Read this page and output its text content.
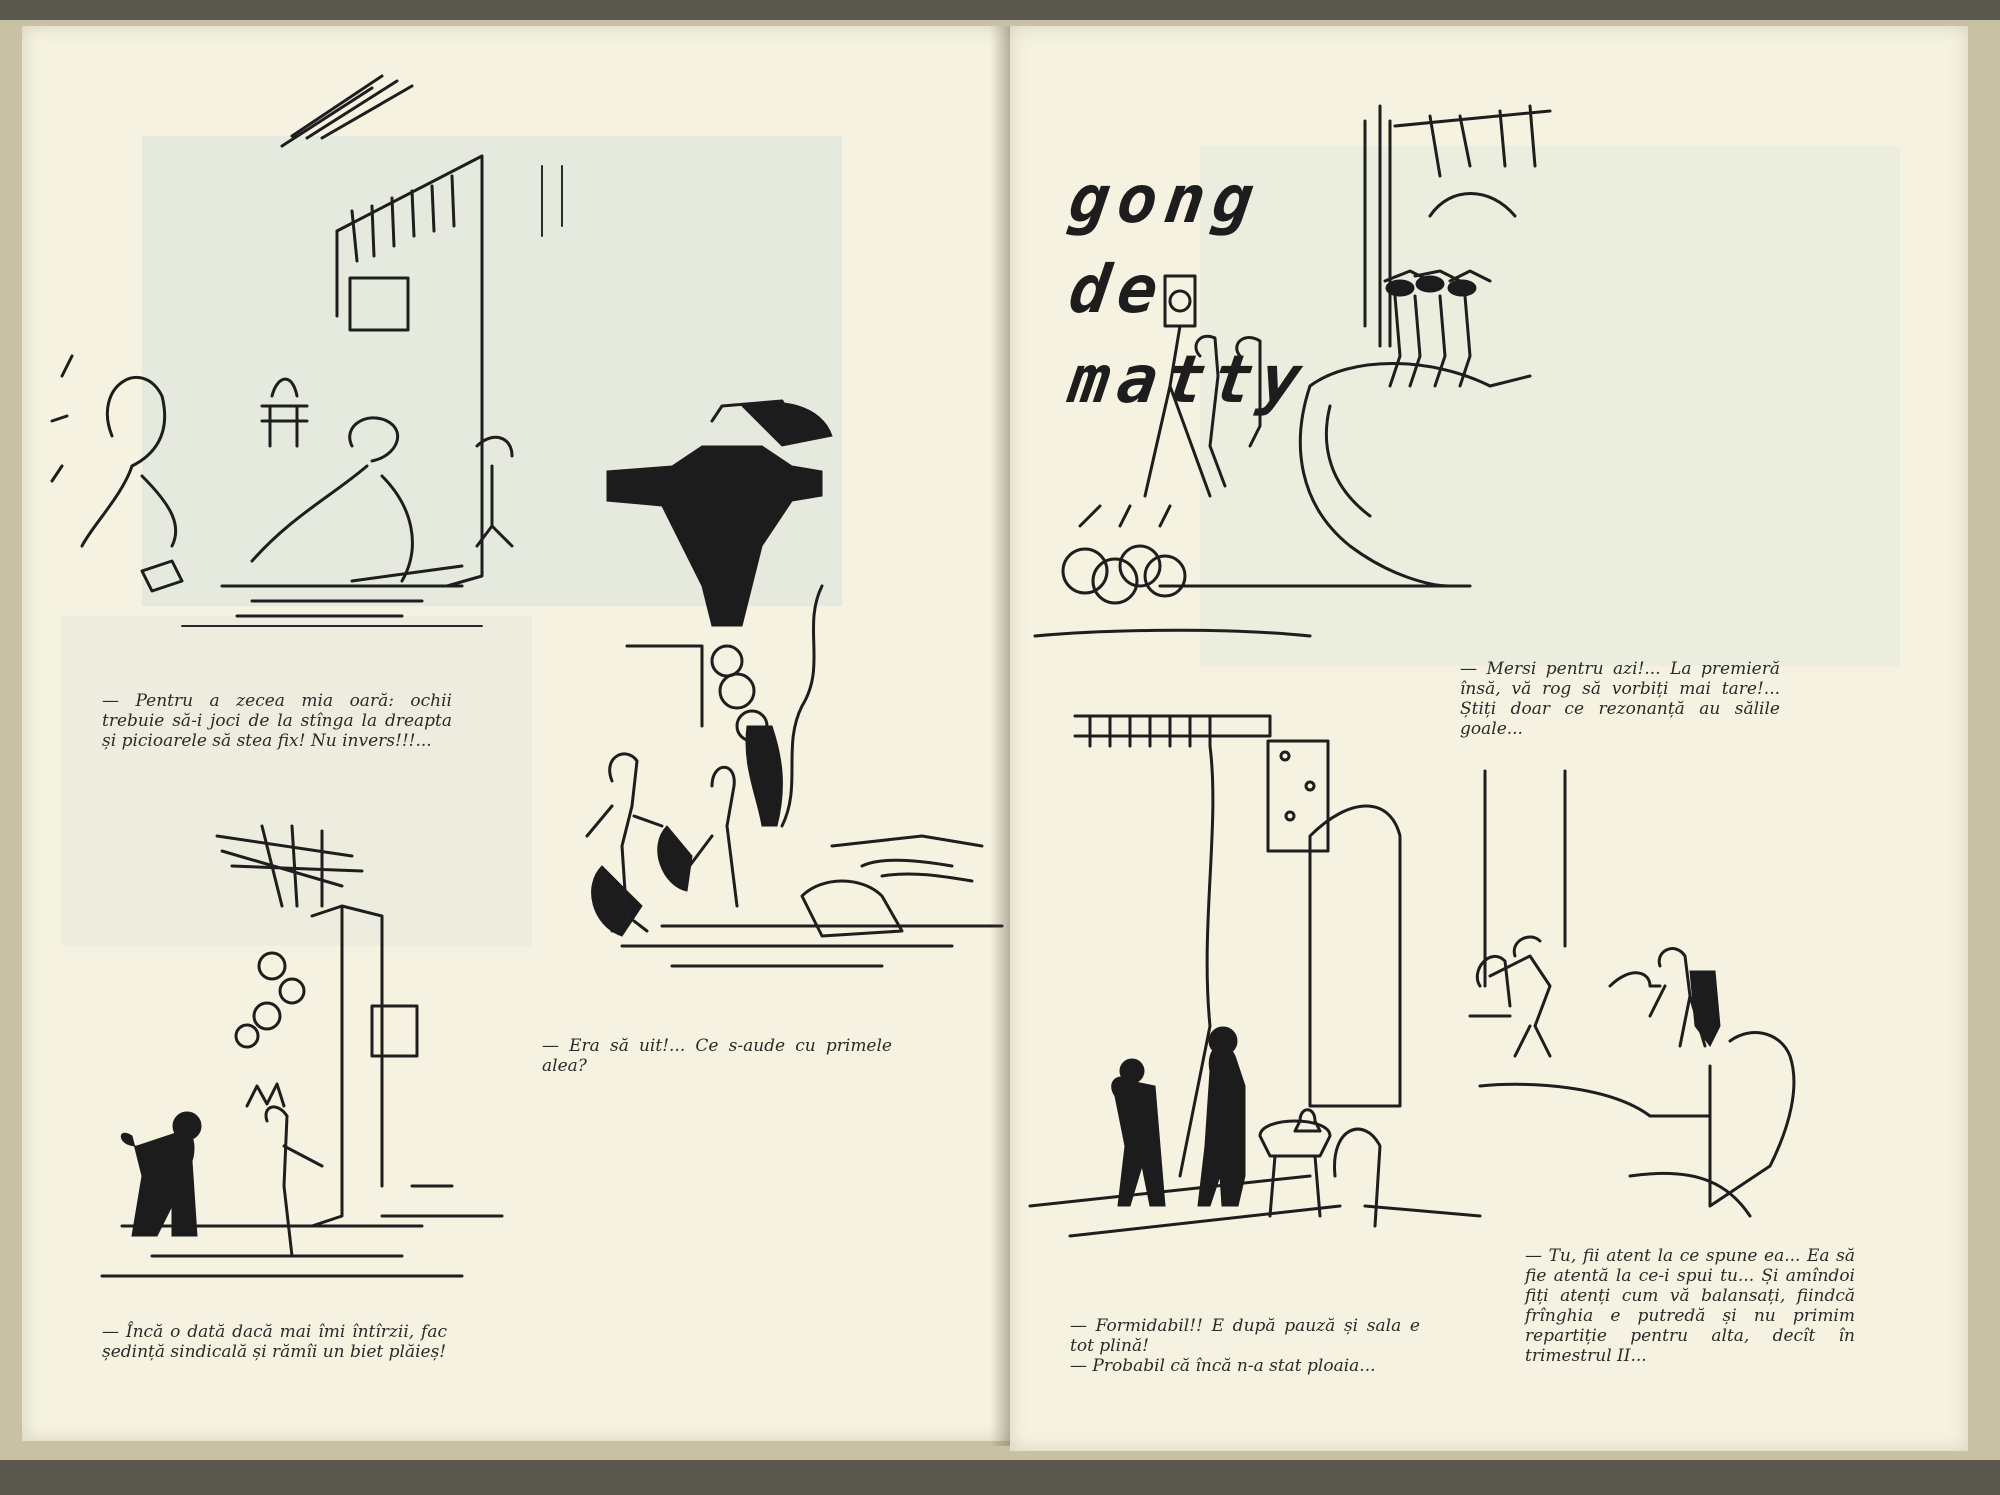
— Pentru a zecea mia oară: ochii trebuie să-i joci de la stînga la dreapta și picioarele să stea fix! Nu invers!!!...

— Era să uit!... Ce s-aude cu primele alea?

— Încă o dată dacă mai îmi întîrzii, fac ședință sindicală și rămîi un biet plăieș!

gong

de

matty

— Mersi pentru azi!... La premieră însă, vă rog să vorbiți mai tare!... Știți doar ce rezonanță au sălile goale...

— Formidabil!! E după pauză și sala e tot plină!
— Probabil că încă n-a stat ploaia...

— Tu, fii atent la ce spune ea... Ea să fie atentă la ce-i spui tu... Și amîndoi fiți atenți cum vă balansați, fiindcă frînghia e putredă și nu primim repartiție pentru alta, decît în trimestrul II...
